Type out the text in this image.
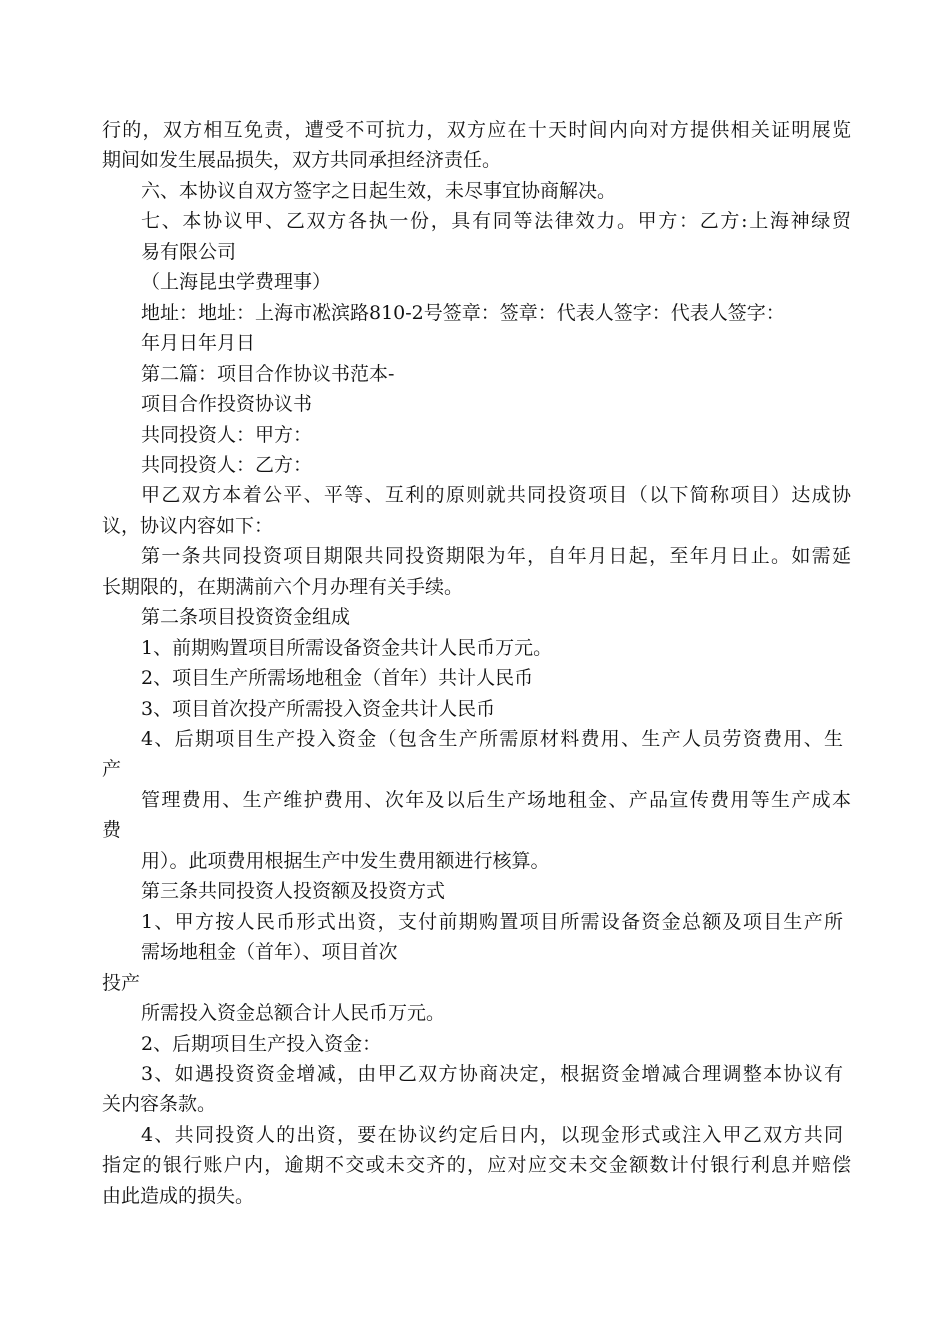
行的，双方相互免责，遭受不可抗力，双方应在十天时间内向对方提供相关证明展览
期间如发生展品损失，双方共同承担经济责任。
六、本协议自双方签字之日起生效，未尽事宜协商解决。
七、本协议甲、乙双方各执一份，具有同等法律效力。甲方：乙方:上海神绿贸
易有限公司
（上海昆虫学费理事）
地址：地址：上海市凇滨路810-2号签章：签章：代表人签字：代表人签字：
年月日年月日
第二篇：项目合作协议书范本-
项目合作投资协议书
共同投资人：甲方：
共同投资人：乙方：
甲乙双方本着公平、平等、互利的原则就共同投资项目（以下简称项目）达成协
议，协议内容如下：
第一条共同投资项目期限共同投资期限为年，自年月日起，至年月日止。如需延
长期限的，在期满前六个月办理有关手续。
第二条项目投资资金组成
1、前期购置项目所需设备资金共计人民币万元。
2、项目生产所需场地租金（首年）共计人民币
3、项目首次投产所需投入资金共计人民币
4、后期项目生产投入资金（包含生产所需原材料费用、生产人员劳资费用、生
产
管理费用、生产维护费用、次年及以后生产场地租金、产品宣传费用等生产成本
费
用）。此项费用根据生产中发生费用额进行核算。
第三条共同投资人投资额及投资方式
1、甲方按人民币形式出资，支付前期购置项目所需设备资金总额及项目生产所
需场地租金（首年）、项目首次
投产
所需投入资金总额合计人民币万元。
2、后期项目生产投入资金：
3、如遇投资资金增减，由甲乙双方协商决定，根据资金增减合理调整本协议有
关内容条款。
4、共同投资人的出资，要在协议约定后日内，以现金形式或注入甲乙双方共同
指定的银行账户内，逾期不交或未交齐的，应对应交未交金额数计付银行利息并赔偿
由此造成的损失。
